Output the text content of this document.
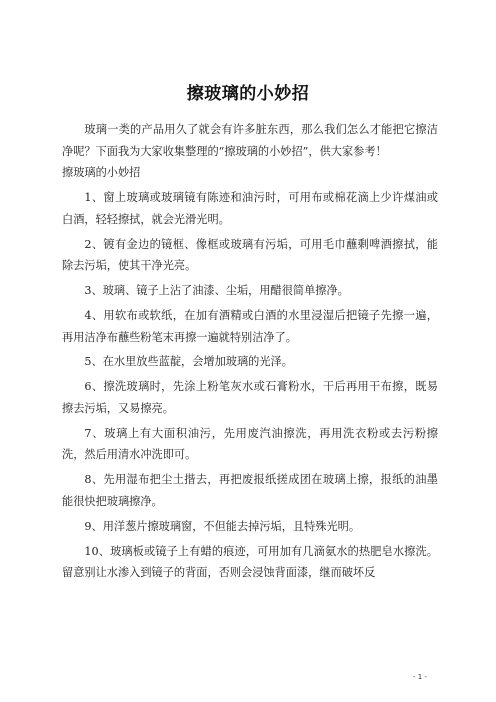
擦玻璃的小妙招

玻璃一类的产品用久了就会有许多脏东西，那么我们怎么才能把它擦洁净呢？下面我为大家收集整理的“擦玻璃的小妙招”，供大家参考！

擦玻璃的小妙招

1、窗上玻璃或玻璃镜有陈迹和油污时，可用布或棉花滴上少许煤油或白酒，轻轻擦拭，就会光滑光明。

2、镀有金边的镜框、像框或玻璃有污垢，可用毛巾蘸剩啤酒擦拭，能除去污垢，使其干净光亮。

3、玻璃、镜子上沾了油漆、尘垢，用醋很简单擦净。

4、用软布或软纸，在加有酒精或白酒的水里浸湿后把镜子先擦一遍，再用洁净布蘸些粉笔末再擦一遍就特别洁净了。

5、在水里放些蓝靛，会增加玻璃的光泽。

6、擦洗玻璃时，先涂上粉笔灰水或石膏粉水，干后再用干布擦，既易擦去污垢，又易擦亮。

7、玻璃上有大面积油污，先用废汽油擦洗，再用洗衣粉或去污粉擦洗，然后用清水冲洗即可。

8、先用湿布把尘土揩去，再把废报纸搓成团在玻璃上擦，报纸的油墨能很快把玻璃擦净。

9、用洋葱片擦玻璃窗，不但能去掉污垢，且特殊光明。

10、玻璃板或镜子上有蜡的痕迹，可用加有几滴氨水的热肥皂水擦洗。留意别让水渗入到镜子的背面，否则会浸蚀背面漆，继而破坏反

- 1 -
